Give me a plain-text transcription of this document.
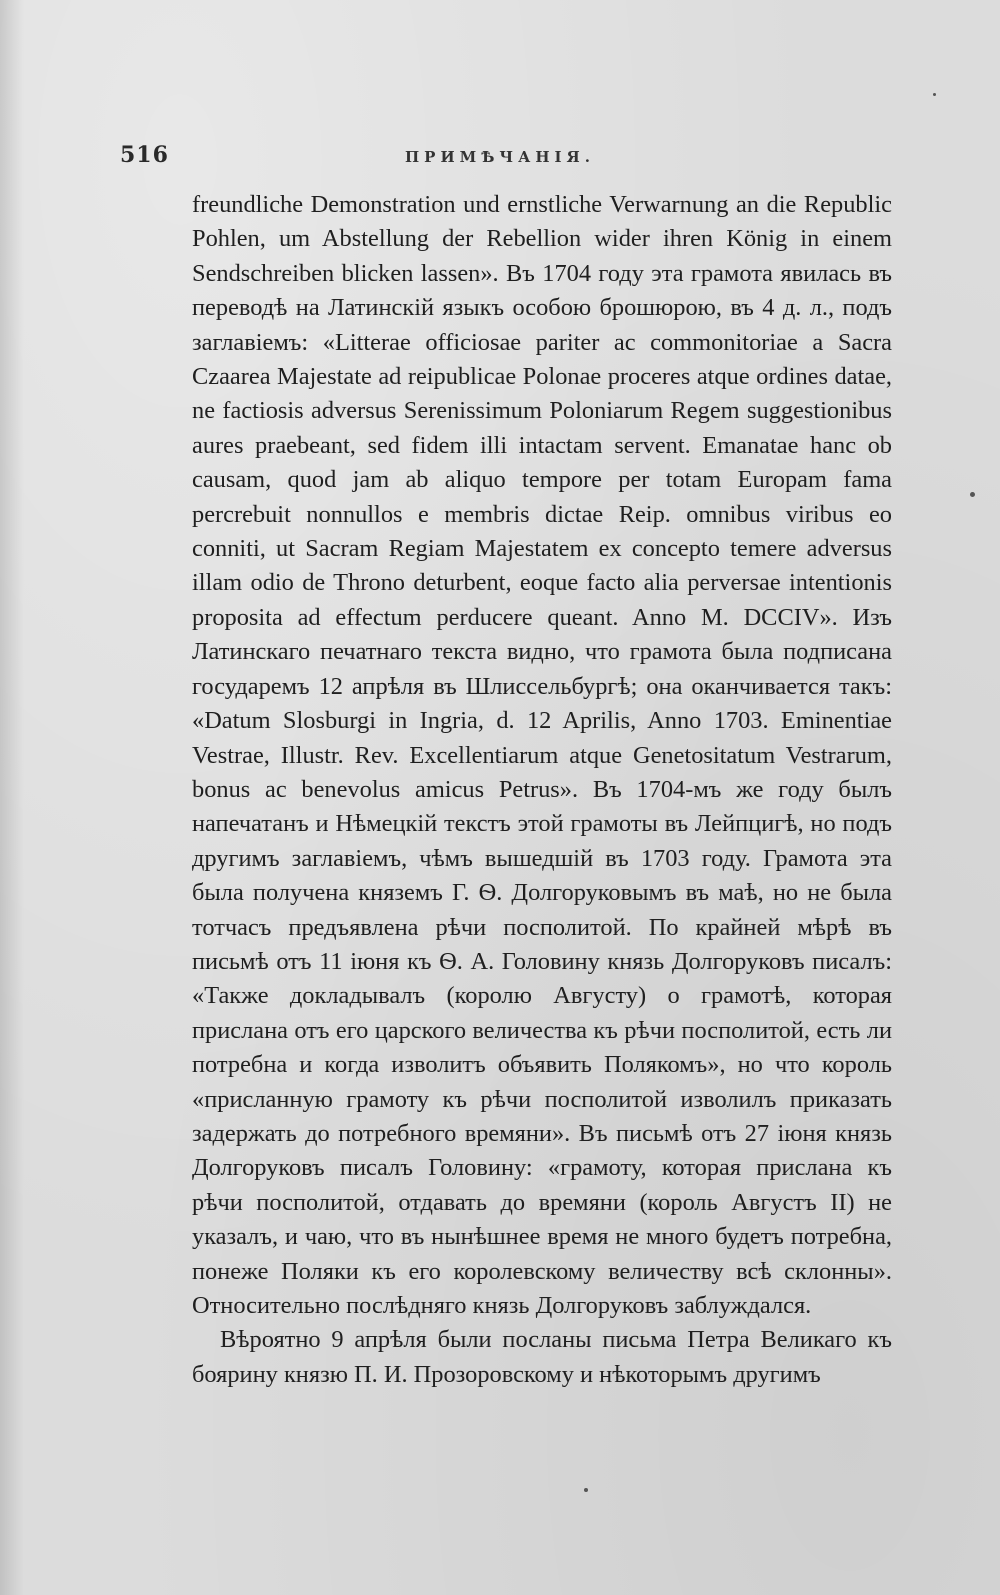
516	ПРИМѢЧАНІЯ.

freundliche Demonstration und ernstliche Verwarnung an die Republic Pohlen, um Abstellung der Rebellion wider ihren König in einem Sendschreiben blicken lassen». Въ 1704 году эта грамота явилась въ переводѣ на Латинскій языкъ особою брошюрою, въ 4 д. л., подъ заглавіемъ: «Litterae officiosae pariter ac commonitoriae a Sacra Czaarea Majestate ad reipublicae Polonae proceres atque ordines datae, ne factiosis adversus Serenissimum Poloniarum Regem suggestionibus aures praebeant, sed fidem illi intactam servent. Emanatae hanc ob causam, quod jam ab aliquo tempore per totam Europam fama percrebuit nonnullos e membris dictae Reip. omnibus viribus eo conniti, ut Sacram Regiam Majestatem ex concepto temere adversus illam odio de Throno deturbent, eoque facto alia perversae intentionis proposita ad effectum perducere queant. Anno M. DCCIV». Изъ Латинскаго печатнаго текста видно, что грамота была подписана государемъ 12 апрѣля въ Шлиссельбургѣ; она оканчивается такъ: «Datum Slosburgi in Ingria, d. 12 Aprilis, Anno 1703. Eminentiae Vestrae, Illustr. Rev. Excellentiarum atque Genetositatum Vestrarum, bonus ac benevolus amicus Petrus». Въ 1704-мъ же году былъ напечатанъ и Нѣмецкій текстъ этой грамоты въ Лейпцигѣ, но подъ другимъ заглавіемъ, чѣмъ вышедшій въ 1703 году. Грамота эта была получена княземъ Г. Ѳ. Долгоруковымъ въ маѣ, но не была тотчасъ предъявлена рѣчи посполитой. По крайней мѣрѣ въ письмѣ отъ 11 іюня къ Ѳ. А. Головину князь Долгоруковъ писалъ: «Также докладывалъ (королю Августу) о грамотѣ, которая прислана отъ его царского величества къ рѣчи посполитой, есть ли потребна и когда изволитъ объявить Полякомъ», но что король «присланную грамоту къ рѣчи посполитой изволилъ приказать задержать до потребного времяни». Въ письмѣ отъ 27 іюня князь Долгоруковъ писалъ Головину: «грамоту, которая прислана къ рѣчи посполитой, отдавать до времяни (король Августъ II) не указалъ, и чаю, что въ нынѣшнее время не много будетъ потребна, понеже Поляки къ его королевскому величеству всѣ склонны». Относительно послѣдняго князь Долгоруковъ заблуждался.

Вѣроятно 9 апрѣля были посланы письма Петра Великаго къ боярину князю П. И. Прозоровскому и нѣкоторымъ другимъ
